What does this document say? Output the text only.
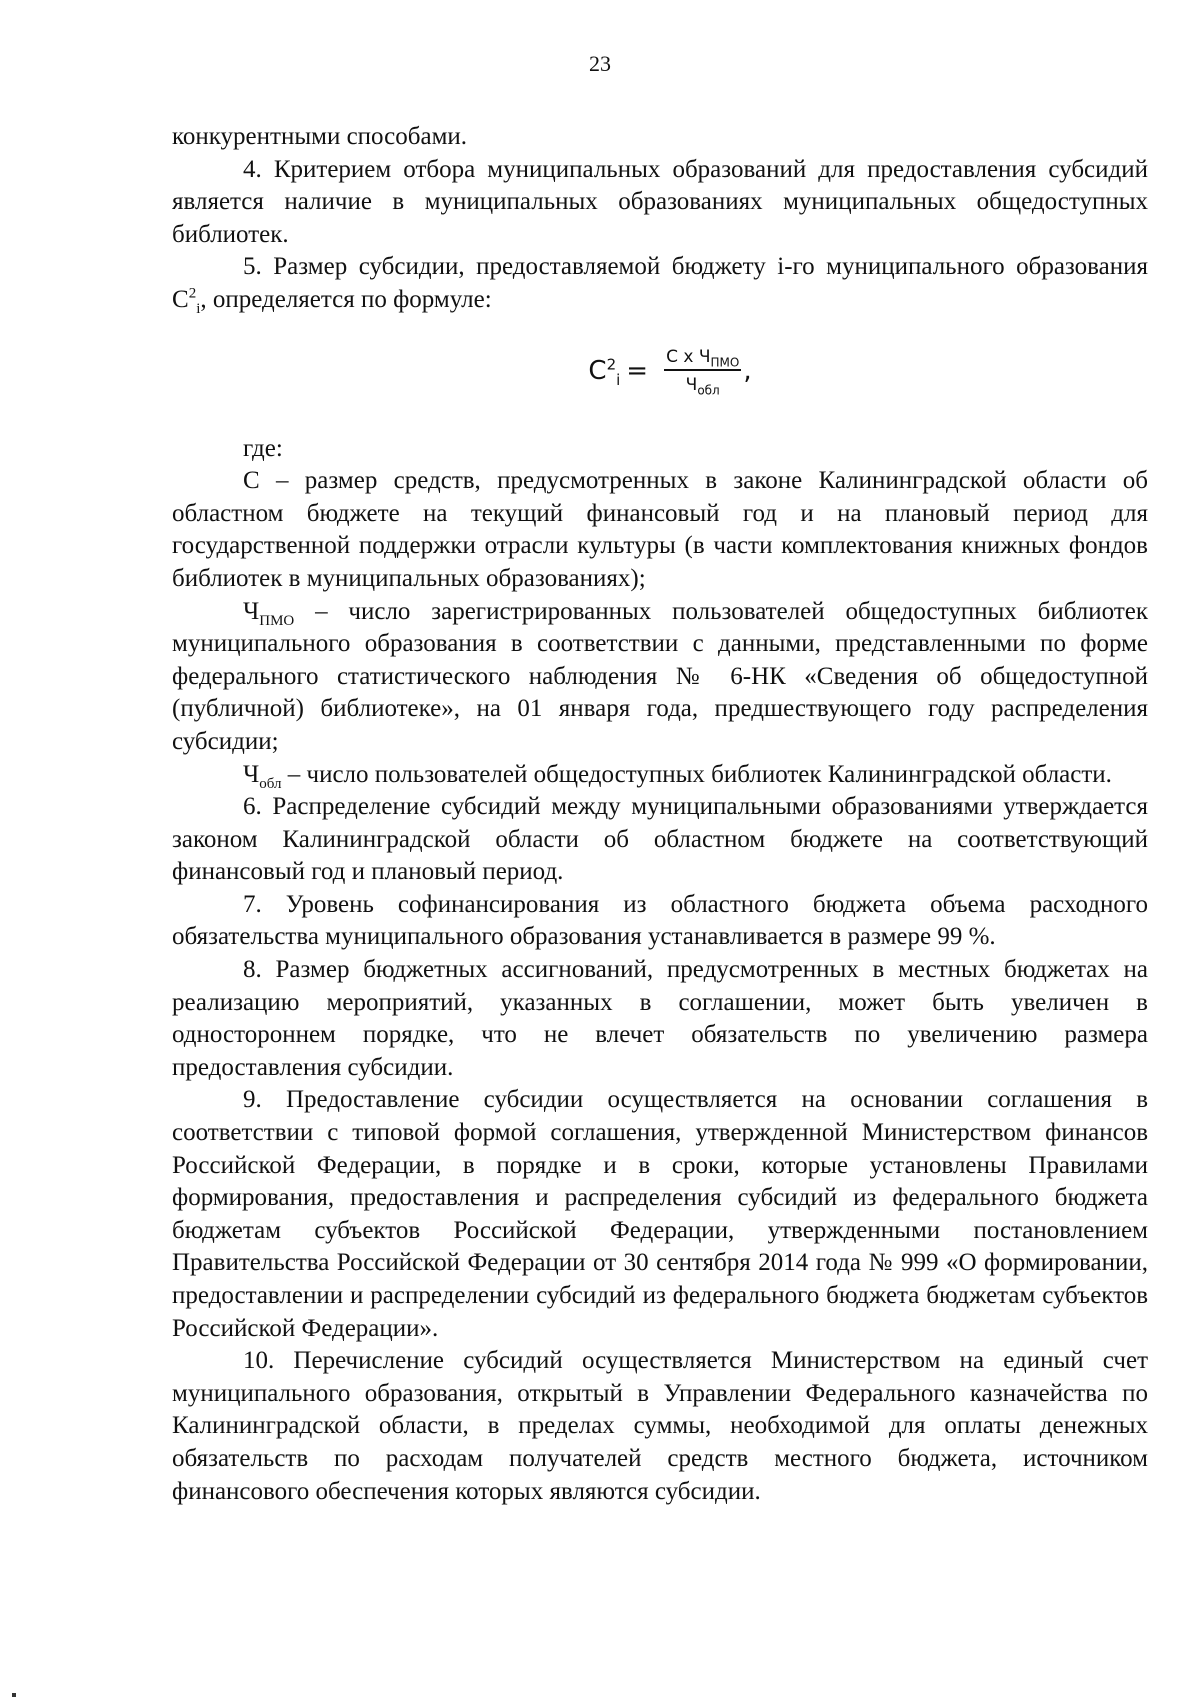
23

конкурентными способами.

4. Критерием отбора муниципальных образований для предоставления субсидий является наличие в муниципальных образованиях муниципальных общедоступных библиотек.

5. Размер субсидии, предоставляемой бюджету i-го муниципального образования $С^2_i$, определяется по формуле:

$С^2_i = \frac{С x Ч_{ПМО}}{Ч_{обл}}$ ,

где:

С – размер средств, предусмотренных в законе Калининградской области об областном бюджете на текущий финансовый год и на плановый период для государственной поддержки отрасли культуры (в части комплектования книжных фондов библиотек в муниципальных образованиях);

$Ч_{ПМО}$ – число зарегистрированных пользователей общедоступных библиотек муниципального образования в соответствии с данными, представленными по форме федерального статистического наблюдения № 6-НК «Сведения об общедоступной (публичной) библиотеке», на 01 января года, предшествующего году распределения субсидии;

$Ч_{обл}$ – число пользователей общедоступных библиотек Калининградской области.

6. Распределение субсидий между муниципальными образованиями утверждается законом Калининградской области об областном бюджете на соответствующий финансовый год и плановый период.

7. Уровень софинансирования из областного бюджета объема расходного обязательства муниципального образования устанавливается в размере 99 %.

8. Размер бюджетных ассигнований, предусмотренных в местных бюджетах на реализацию мероприятий, указанных в соглашении, может быть увеличен в одностороннем порядке, что не влечет обязательств по увеличению размера предоставления субсидии.

9. Предоставление субсидии осуществляется на основании соглашения в соответствии с типовой формой соглашения, утвержденной Министерством финансов Российской Федерации, в порядке и в сроки, которые установлены Правилами формирования, предоставления и распределения субсидий из федерального бюджета бюджетам субъектов Российской Федерации, утвержденными постановлением Правительства Российской Федерации от 30 сентября 2014 года № 999 «О формировании, предоставлении и распределении субсидий из федерального бюджета бюджетам субъектов Российской Федерации».

10. Перечисление субсидий осуществляется Министерством на единый счет муниципального образования, открытый в Управлении Федерального казначейства по Калининградской области, в пределах суммы, необходимой для оплаты денежных обязательств по расходам получателей средств местного бюджета, источником финансового обеспечения которых являются субсидии.
